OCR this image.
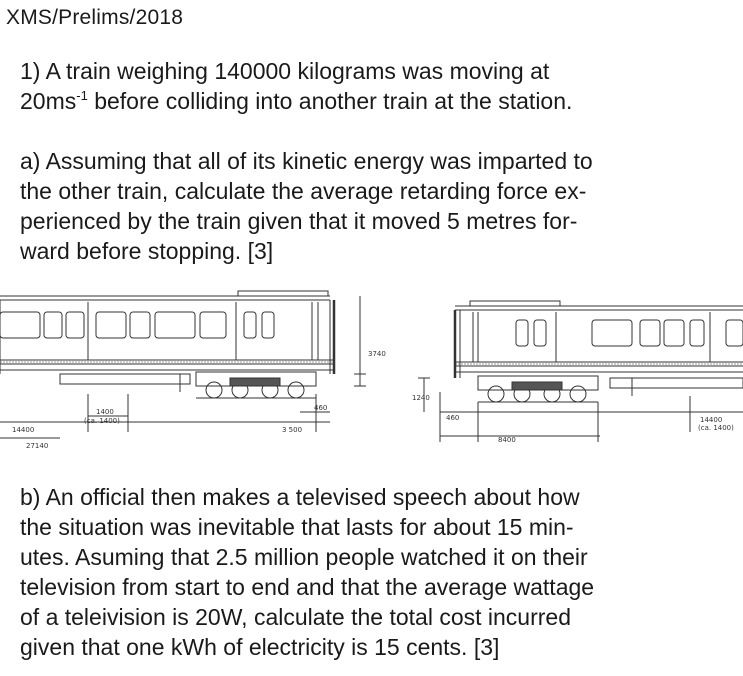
XMS/Prelims/2018
1) A train weighing 140000 kilograms was moving at
$20ms^{-1}$ before colliding into another train at the station.
a) Assuming that all of its kinetic energy was imparted to
the other train, calculate the average retarding force ex-
perienced by the train given that it moved 5 metres for-
ward before stopping. [3]
1400
(ca. 1400)
14400
27140
3 500
460
3740
1240
460
8400
14400
(ca. 1400)
b) An official then makes a televised speech about how
the situation was inevitable that lasts for about 15 min-
utes. Asuming that 2.5 million people watched it on their
television from start to end and that the average wattage
of a teleivision is 20W, calculate the total cost incurred
given that one kWh of electricity is 15 cents. [3]
